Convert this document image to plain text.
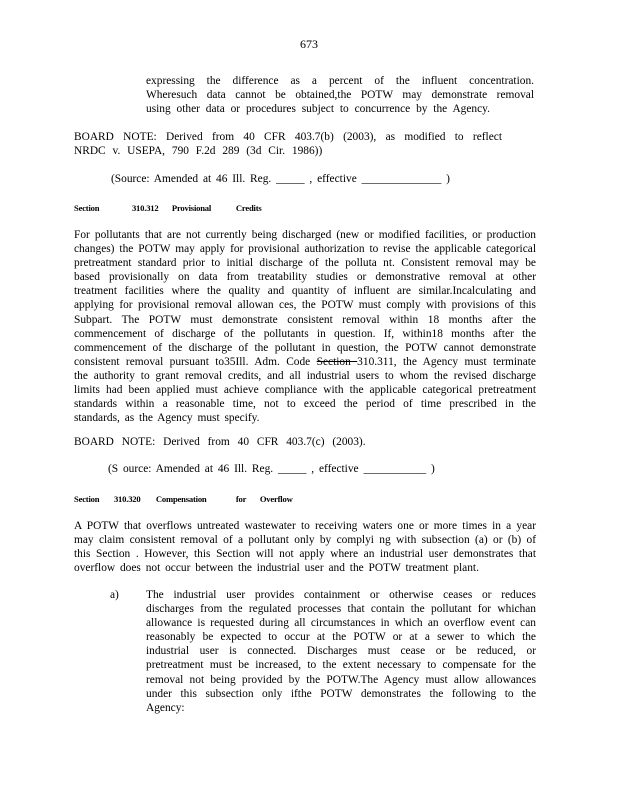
673
expressing the difference as a percent of the influent concentration. Wheresuch data cannot be obtained,the POTW may demonstrate removal using other data or procedures subject to concurrence by the Agency.
BOARD NOTE: Derived from 40 CFR 403.7(b) (2003), as modified to reflect NRDC v. USEPA, 790 F.2d 289 (3d Cir. 1986))
(Source: Amended at 46 Ill. Reg. _____ , effective ______________ )
Section	310.312 Provisional	Credits
For pollutants that are not currently being discharged (new or modified facilities, or production changes) the POTW may apply for provisional authorization to revise the applicable categorical pretreatment standard prior to initial discharge of the polluta nt. Consistent removal may be based provisionally on data from treatability studies or demonstrative removal at other treatment facilities where the quality and quantity of influent are similar.Incalculating and applying for provisional removal allowan ces, the POTW must comply with provisions of this Subpart. The POTW must demonstrate consistent removal within 18 months after the commencement of discharge of the pollutants in question. If, within18 months after the commencement of the discharge of the pollutant in question, the POTW cannot demonstrate consistent removal pursuant to35Ill. Adm. Code Section 310.311, the Agency must terminate the authority to grant removal credits, and all industrial users to whom the revised discharge limits had been applied must achieve compliance with the applicable categorical pretreatment standards within a reasonable time, not to exceed the period of time prescribed in the standards, as the Agency must specify.
BOARD NOTE: Derived from 40 CFR 403.7(c) (2003).
(S ource: Amended at 46 Ill. Reg. _____ , effective ___________ )
Section 310.320 Compensation	for Overflow
A POTW that overflows untreated wastewater to receiving waters one or more times in a year may claim consistent removal of a pollutant only by complyi ng with subsection (a) or (b) of this Section . However, this Section will not apply where an industrial user demonstrates that overflow does not occur between the industrial user and the POTW treatment plant.
a) The industrial user provides containment or otherwise ceases or reduces discharges from the regulated processes that contain the pollutant for whichan allowance is requested during all circumstances in which an overflow event can reasonably be expected to occur at the POTW or at a sewer to which the industrial user is connected. Discharges must cease or be reduced, or pretreatment must be increased, to the extent necessary to compensate for the removal not being provided by the POTW.The Agency must allow allowances under this subsection only ifthe POTW demonstrates the following to the Agency:
